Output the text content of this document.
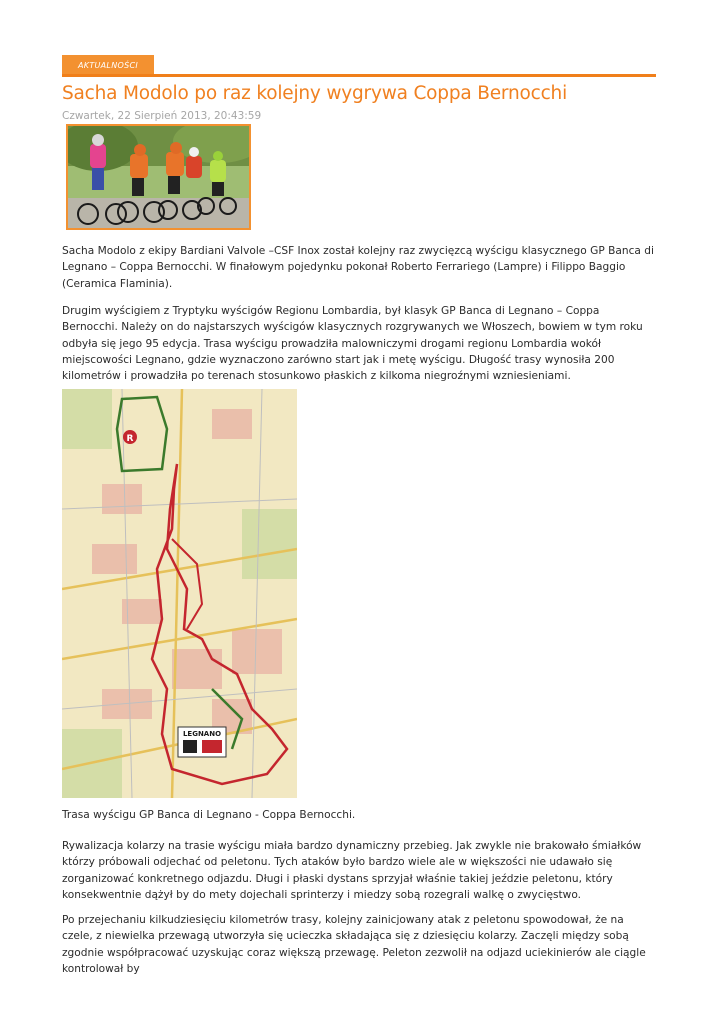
AKTUALNOŚCI
Sacha Modolo po raz kolejny wygrywa Coppa Bernocchi
Czwartek, 22 Sierpień 2013, 20:43:59

Sacha Modolo z ekipy Bardiani Valvole –CSF Inox został kolejny raz zwycięzcą wyścigu klasycznego GP Banca di Legnano – Coppa Bernocchi. W finałowym pojedynku pokonał Roberto Ferrariego (Lampre) i Filippo Baggio (Ceramica Flaminia).

Drugim wyścigiem z Tryptyku wyścigów Regionu Lombardia, był klasyk GP Banca di Legnano – Coppa Bernocchi. Należy on do najstarszych wyścigów klasycznych rozgrywanych we Włoszech, bowiem w tym roku odbyła się jego 95 edycja. Trasa wyścigu prowadziła malowniczymi drogami regionu Lombardia wokół miejscowości Legnano, gdzie wyznaczono zarówno start jak i metę wyścigu. Długość trasy wynosiła 200 kilometrów i prowadziła po terenach stosunkowo płaskich z kilkoma niegroźnymi wzniesieniami.

R
LEGNANO
Trasa wyścigu GP Banca di Legnano - Coppa Bernocchi.

Rywalizacja kolarzy na trasie wyścigu miała bardzo dynamiczny przebieg. Jak zwykle nie brakowało śmiałków którzy próbowali odjechać od peletonu. Tych ataków było bardzo wiele ale w większości nie udawało się zorganizować konkretnego odjazdu. Długi i płaski dystans sprzyjał właśnie takiej jeździe peletonu, który konsekwentnie dążył by do mety dojechali sprinterzy i miedzy sobą rozegrali walkę o zwycięstwo.

Po przejechaniu kilkudziesięciu kilometrów trasy, kolejny zainicjowany atak z peletonu spowodował, że na czele, z niewielka przewagą utworzyła się ucieczka składająca się z dziesięciu kolarzy. Zaczęli między sobą zgodnie współpracować uzyskując coraz większą przewagę. Peleton zezwolił na odjazd uciekinierów ale ciągle kontrolował by
